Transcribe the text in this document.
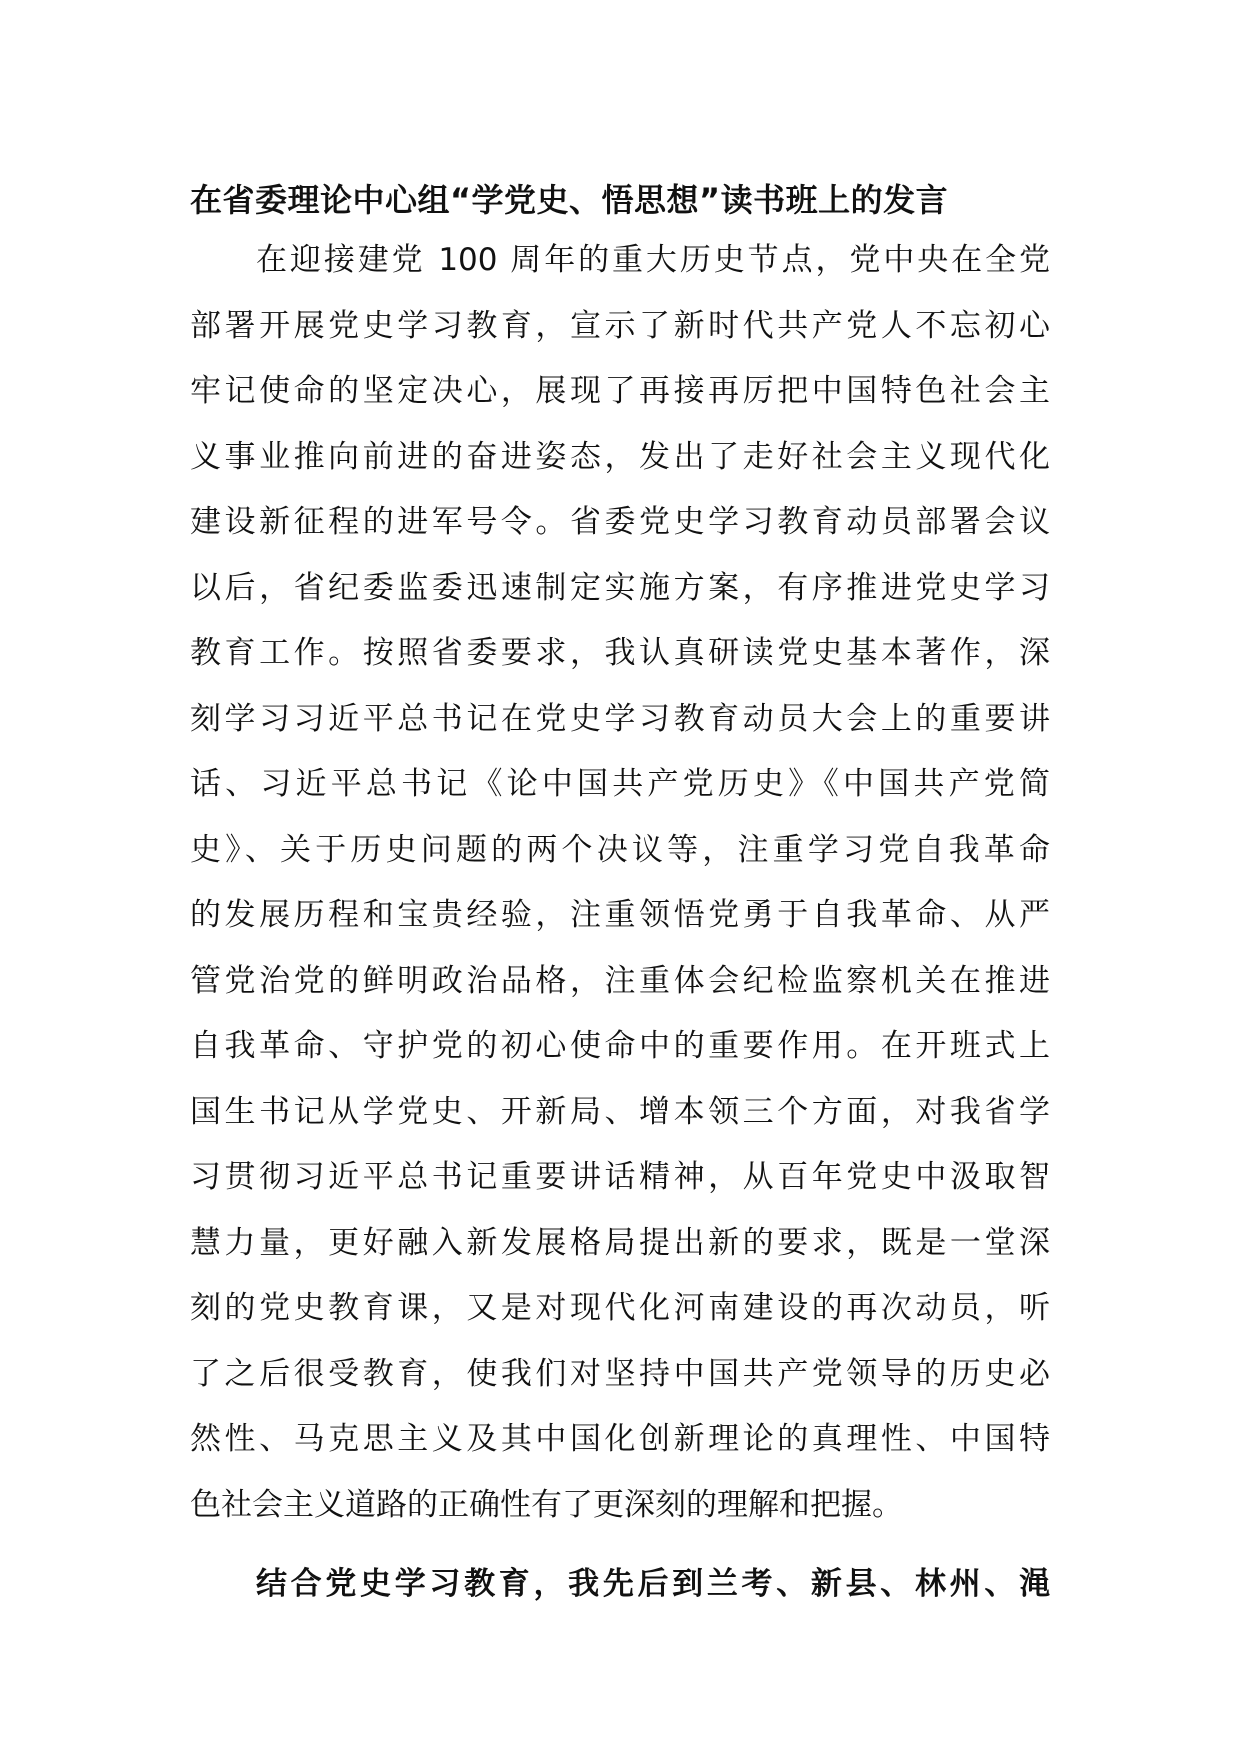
在省委理论中心组“学党史、悟思想”读书班上的发言
在迎接建党 100 周年的重大历史节点，党中央在全党
部署开展党史学习教育，宣示了新时代共产党人不忘初心
牢记使命的坚定决心，展现了再接再厉把中国特色社会主
义事业推向前进的奋进姿态，发出了走好社会主义现代化
建设新征程的进军号令。省委党史学习教育动员部署会议
以后，省纪委监委迅速制定实施方案，有序推进党史学习
教育工作。按照省委要求，我认真研读党史基本著作，深
刻学习习近平总书记在党史学习教育动员大会上的重要讲
话、习近平总书记《论中国共产党历史》《中国共产党简
史》、关于历史问题的两个决议等，注重学习党自我革命
的发展历程和宝贵经验，注重领悟党勇于自我革命、从严
管党治党的鲜明政治品格，注重体会纪检监察机关在推进
自我革命、守护党的初心使命中的重要作用。在开班式上
国生书记从学党史、开新局、增本领三个方面，对我省学
习贯彻习近平总书记重要讲话精神，从百年党史中汲取智
慧力量，更好融入新发展格局提出新的要求，既是一堂深
刻的党史教育课，又是对现代化河南建设的再次动员，听
了之后很受教育，使我们对坚持中国共产党领导的历史必
然性、马克思主义及其中国化创新理论的真理性、中国特
色社会主义道路的正确性有了更深刻的理解和把握。
结合党史学习教育，我先后到兰考、新县、林州、渑
